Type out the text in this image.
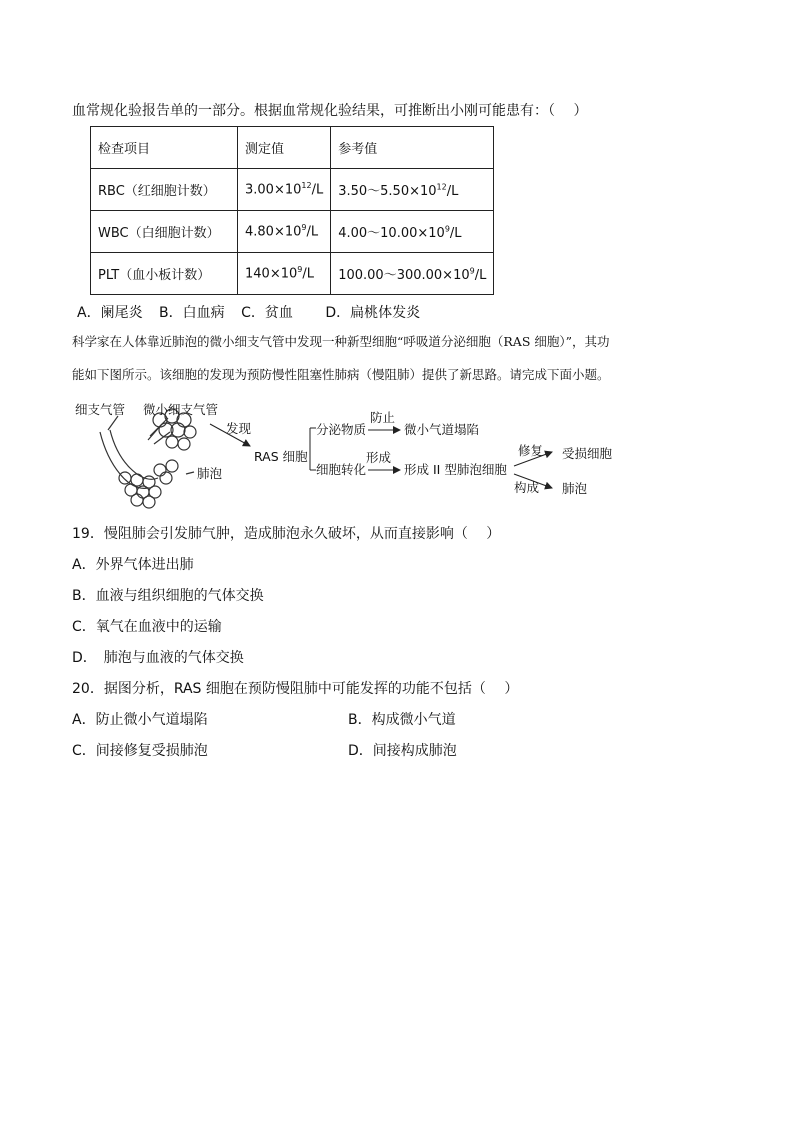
血常规化验报告单的一部分。根据血常规化验结果，可推断出小刚可能患有：（　 ）
检查项目	测定值	参考值
RBC（红细胞计数）	$3.00\times 10^{12}/L$	$3.50\sim 5.50\times 10^{12}/L$
WBC（白细胞计数）	$4.80\times 10^9/L$	$4.00\sim 10.00\times 10^9/L$
PLT（血小板计数）	$140\times 10^9/L$	$100.00\sim 300.00\times 10^9/L$
A．阑尾炎 B．白血病 C．贫血 D．扁桃体发炎
科学家在人体靠近肺泡的微小细支气管中发现一种新型细胞“呼吸道分泌细胞（RAS 细胞）”，其功
能如下图所示。该细胞的发现为预防慢性阻塞性肺病（慢阻肺）提供了新思路。请完成下面小题。
细支气管 微小细支气管
肺泡
发现
RAS 细胞
分泌物质
防止
微小气道塌陷
细胞转化
形成
形成 II 型肺泡细胞
修复 受损细胞
构成 肺泡
19．慢阻肺会引发肺气肿，造成肺泡永久破坏，从而直接影响（　 ）
A．外界气体进出肺
B．血液与组织细胞的气体交换
C．氧气在血液中的运输
D．　肺泡与血液的气体交换
20．据图分析，RAS 细胞在预防慢阻肺中可能发挥的功能不包括（　 ）
A．防止微小气道塌陷	B．构成微小气道
C．间接修复受损肺泡	D．间接构成肺泡
